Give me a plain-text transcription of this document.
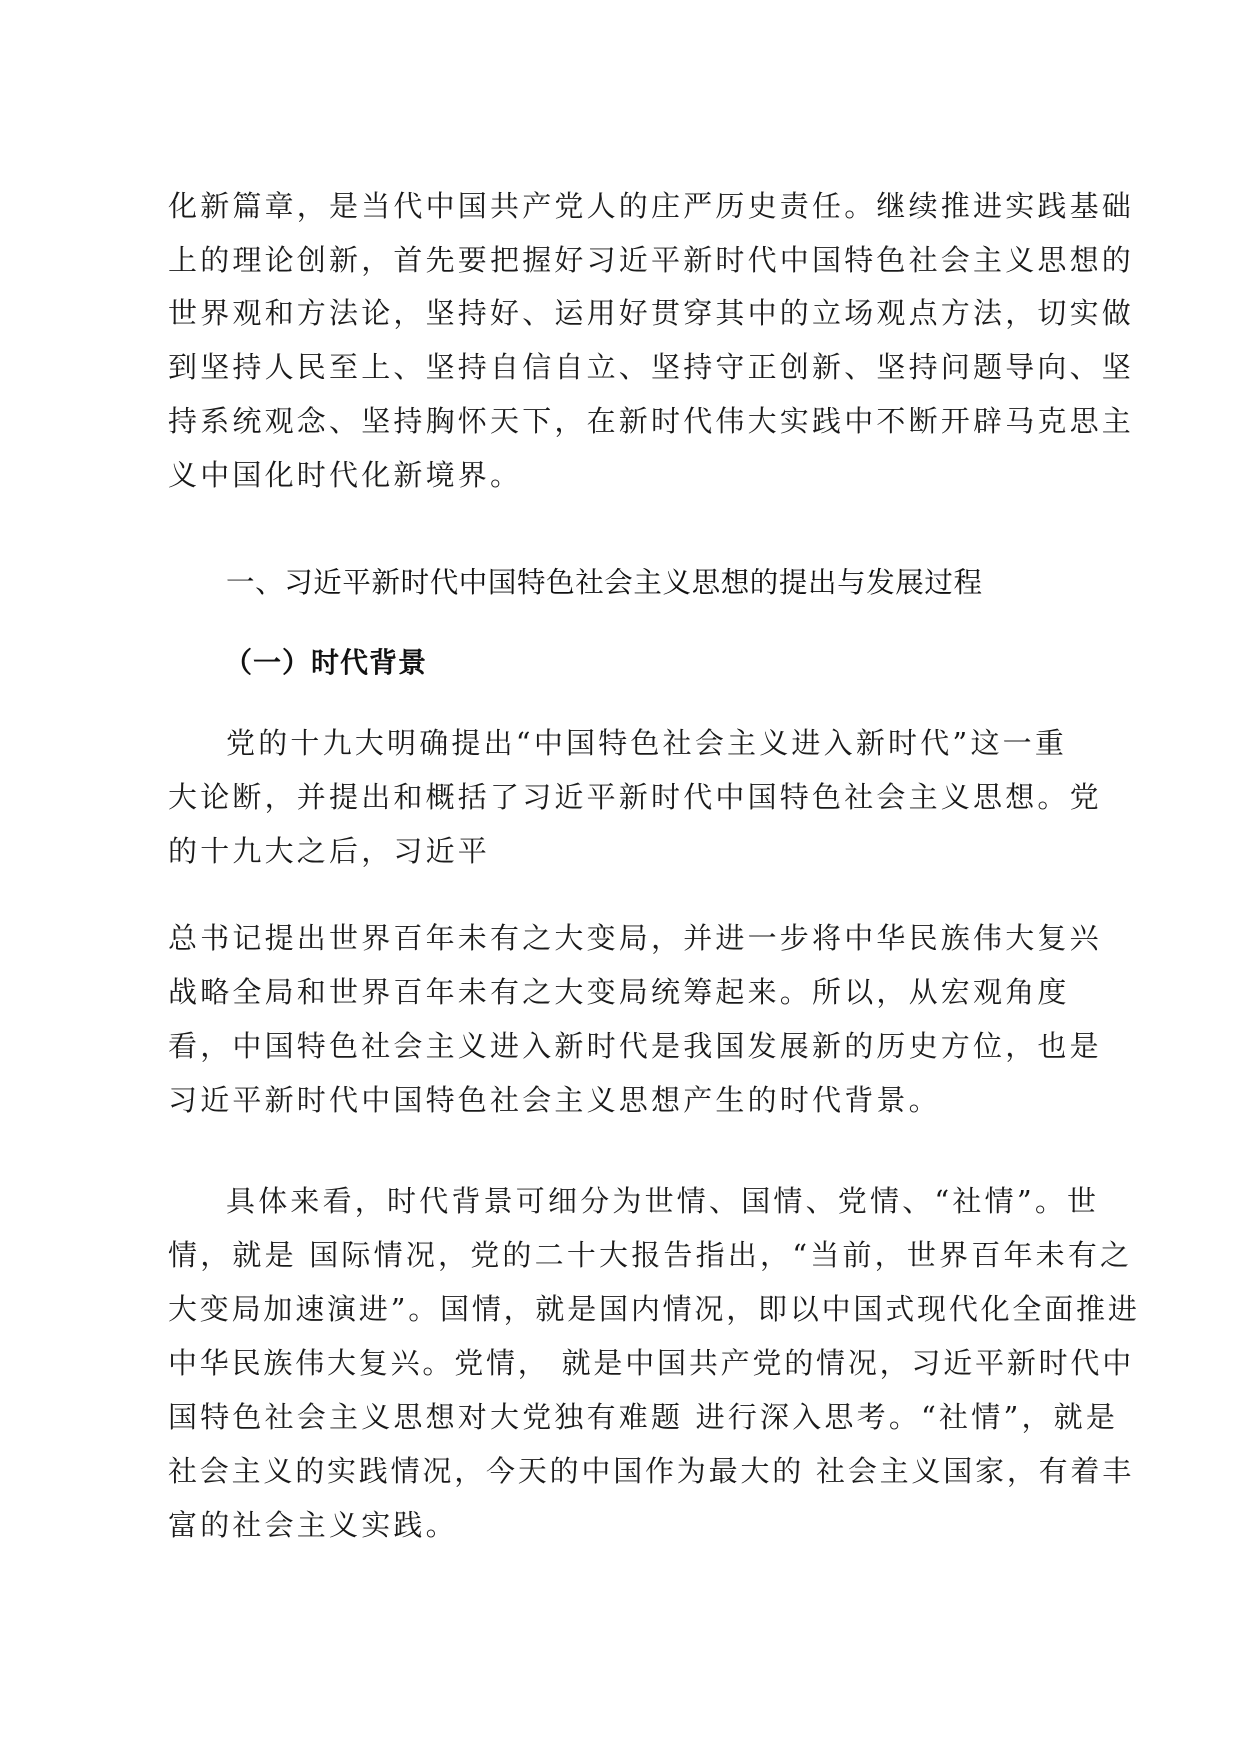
化新篇章，是当代中国共产党人的庄严历史责任。继续推进实践基础
上的理论创新，首先要把握好习近平新时代中国特色社会主义思想的
世界观和方法论，坚持好、运用好贯穿其中的立场观点方法，切实做
到坚持人民至上、坚持自信自立、坚持守正创新、坚持问题导向、坚
持系统观念、坚持胸怀天下，在新时代伟大实践中不断开辟马克思主
义中国化时代化新境界。
一、习近平新时代中国特色社会主义思想的提出与发展过程
（一）时代背景
党的十九大明确提出“中国特色社会主义进入新时代”这一重
大论断，并提出和概括了习近平新时代中国特色社会主义思想。党
的十九大之后，习近平
总书记提出世界百年未有之大变局，并进一步将中华民族伟大复兴
战略全局和世界百年未有之大变局统筹起来。所以，从宏观角度
看，中国特色社会主义进入新时代是我国发展新的历史方位，也是
习近平新时代中国特色社会主义思想产生的时代背景。
具体来看，时代背景可细分为世情、国情、党情、“社情”。世
情，就是 国际情况，党的二十大报告指出，“当前，世界百年未有之
大变局加速演进”。国情，就是国内情况，即以中国式现代化全面推进
中华民族伟大复兴。党情， 就是中国共产党的情况，习近平新时代中
国特色社会主义思想对大党独有难题 进行深入思考。“社情”，就是
社会主义的实践情况，今天的中国作为最大的 社会主义国家，有着丰
富的社会主义实践。
